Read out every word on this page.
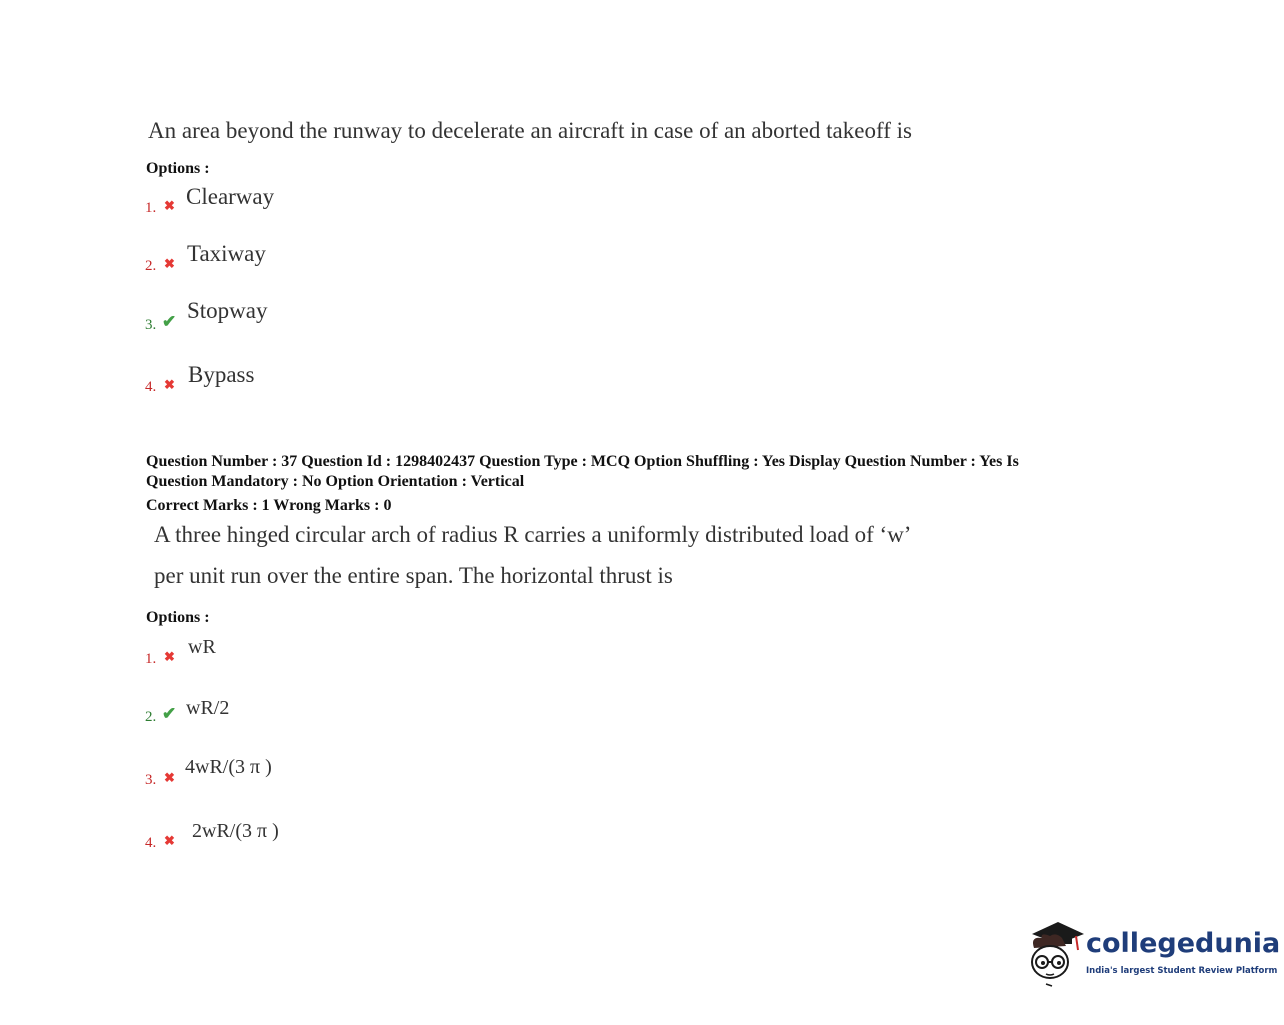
An area beyond the runway to decelerate an aircraft in case of an aborted takeoff is
Options :
1. ✖ Clearway
2. ✖ Taxiway
3. ✔ Stopway
4. ✖ Bypass
Question Number : 37 Question Id : 1298402437 Question Type : MCQ Option Shuffling : Yes Display Question Number : Yes Is
Question Mandatory : No Option Orientation : Vertical
Correct Marks : 1 Wrong Marks : 0
A three hinged circular arch of radius R carries a uniformly distributed load of ‘w’
per unit run over the entire span. The horizontal thrust is
Options :
1. ✖ wR
2. ✔ wR/2
3. ✖ 4wR/(3 π )
4. ✖ 2wR/(3 π )
collegedunia
India's largest Student Review Platform
